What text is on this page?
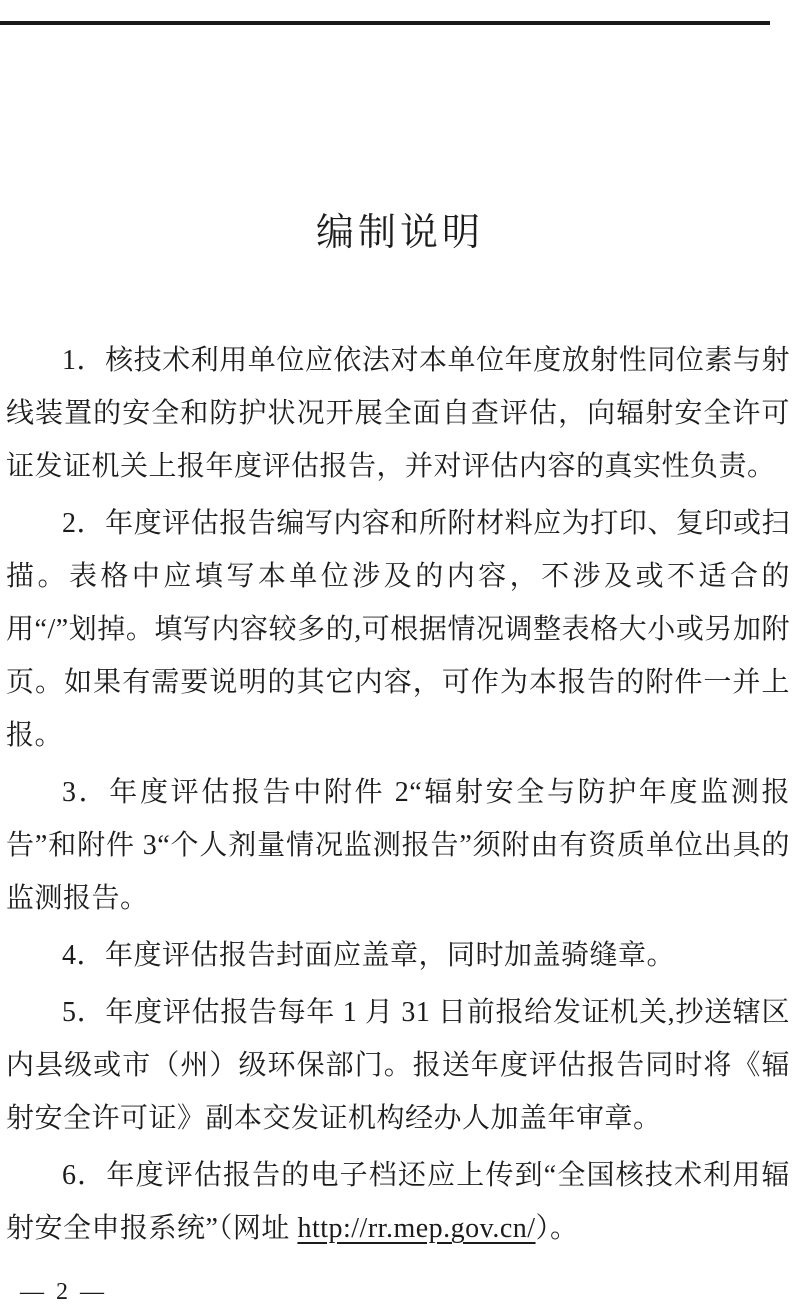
编制说明

1．核技术利用单位应依法对本单位年度放射性同位素与射线装置的安全和防护状况开展全面自查评估，向辐射安全许可证发证机关上报年度评估报告，并对评估内容的真实性负责。

2．年度评估报告编写内容和所附材料应为打印、复印或扫描。表格中应填写本单位涉及的内容，不涉及或不适合的用“/”划掉。填写内容较多的,可根据情况调整表格大小或另加附页。如果有需要说明的其它内容，可作为本报告的附件一并上报。

3．年度评估报告中附件 2“辐射安全与防护年度监测报告”和附件 3“个人剂量情况监测报告”须附由有资质单位出具的监测报告。

4．年度评估报告封面应盖章，同时加盖骑缝章。

5．年度评估报告每年 1 月 31 日前报给发证机关,抄送辖区内县级或市（州）级环保部门。报送年度评估报告同时将《辐射安全许可证》副本交发证机构经办人加盖年审章。

6．年度评估报告的电子档还应上传到“全国核技术利用辐射安全申报系统”（网址 http://rr.mep.gov.cn/）。

— 2 —
